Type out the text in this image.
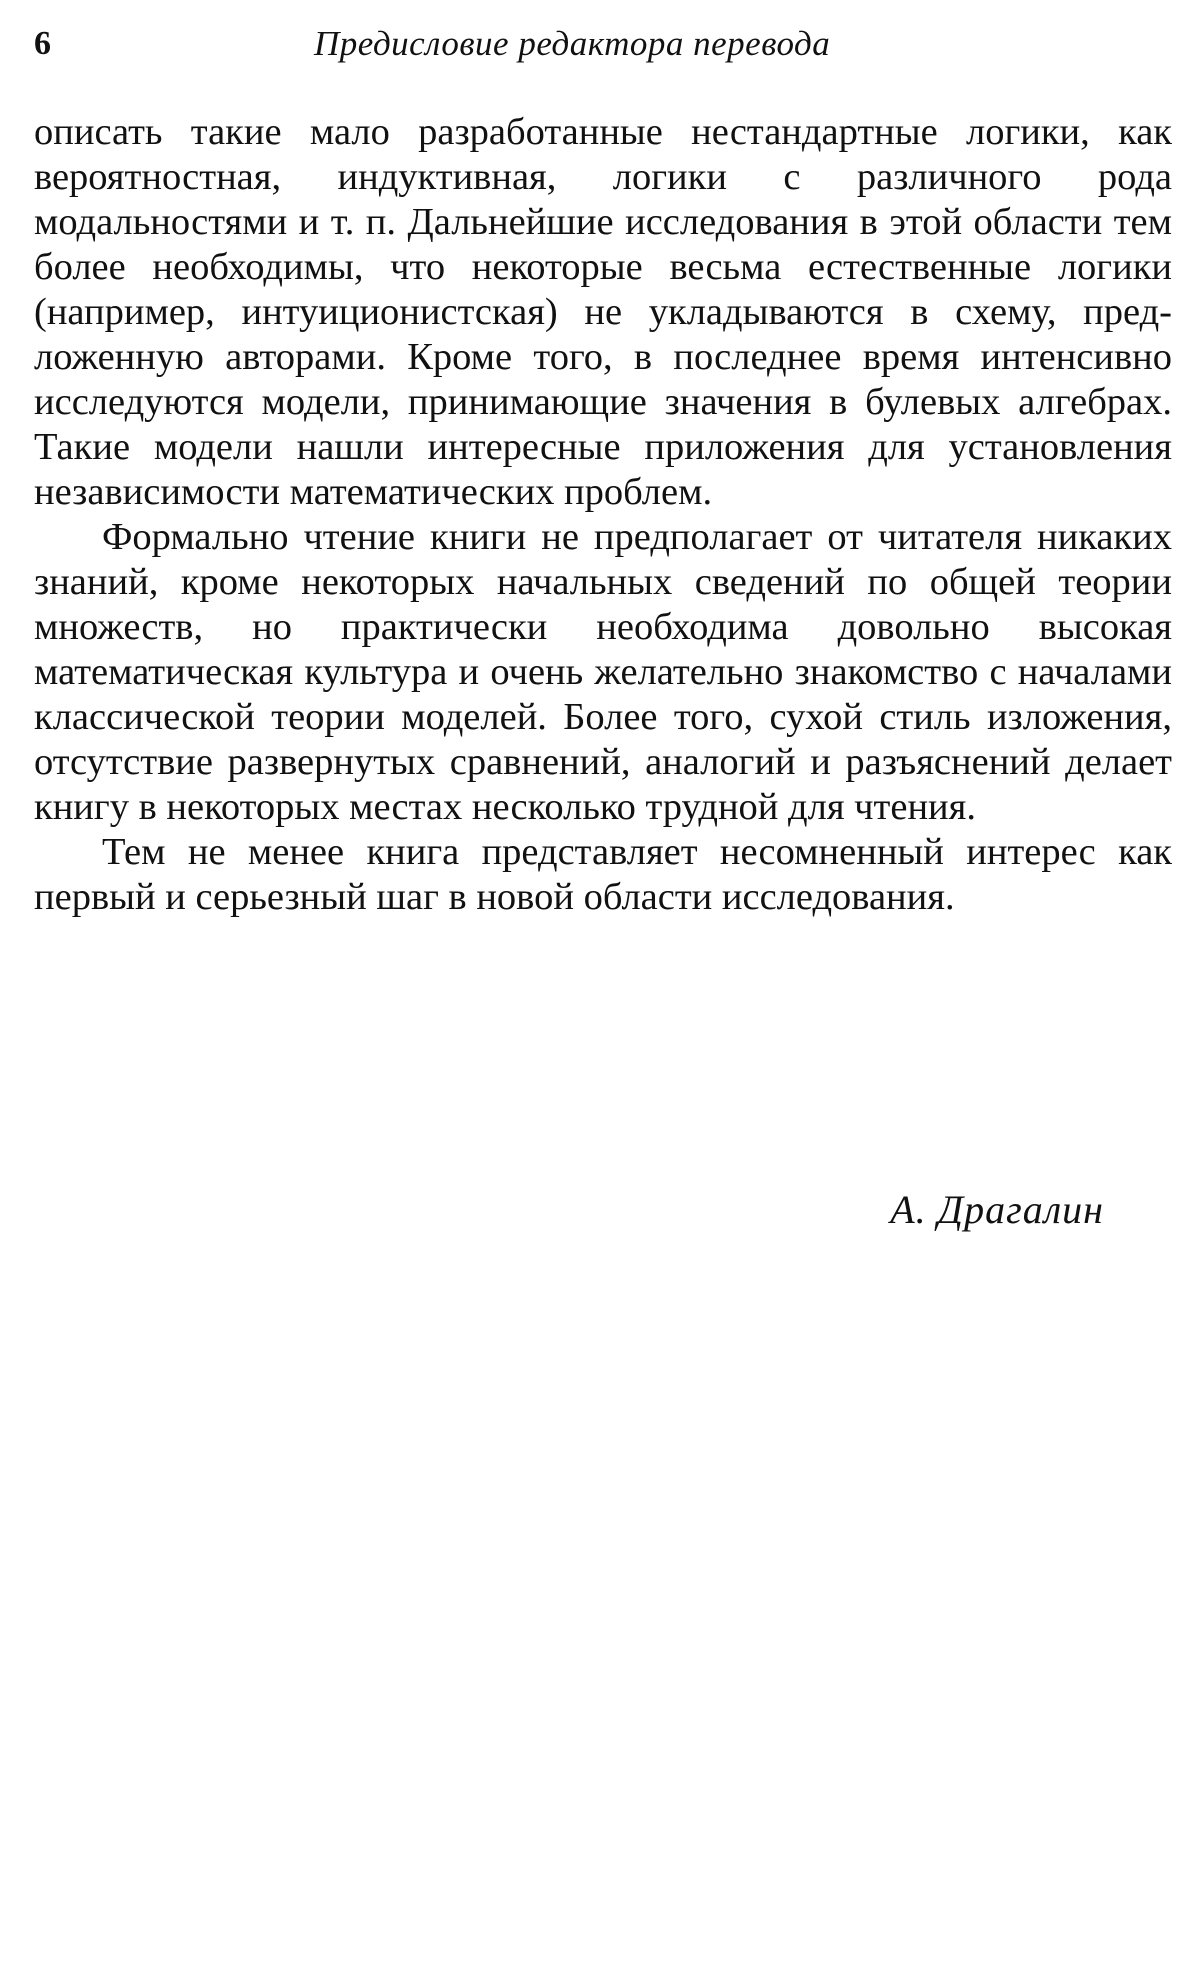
6	Предисловие редактора перевода

описать такие мало разработанные нестандартные логики, как вероятностная, индуктивная, логики с различного рода модальностями и т. п. Дальнейшие исследования в этой области тем более необходимы, что некоторые весьма естественные логики (например, интуиционистская) не укладываются в схему, предложенную авторами. Кроме того, в последнее время интенсивно исследуются модели, принимающие значения в булевых алгебрах. Такие модели нашли интересные приложения для установления независимости математических проблем.

Формально чтение книги не предполагает от читателя никаких знаний, кроме некоторых начальных сведений по общей теории множеств, но практически необходима довольно высокая математическая культура и очень желательно знакомство с началами классической теории моделей. Более того, сухой стиль изложения, отсутствие развернутых сравнений, аналогий и разъяснений делает книгу в некоторых местах несколько трудной для чтения.

Тем не менее книга представляет несомненный интерес как первый и серьезный шаг в новой области исследования.

А. Драгалин
